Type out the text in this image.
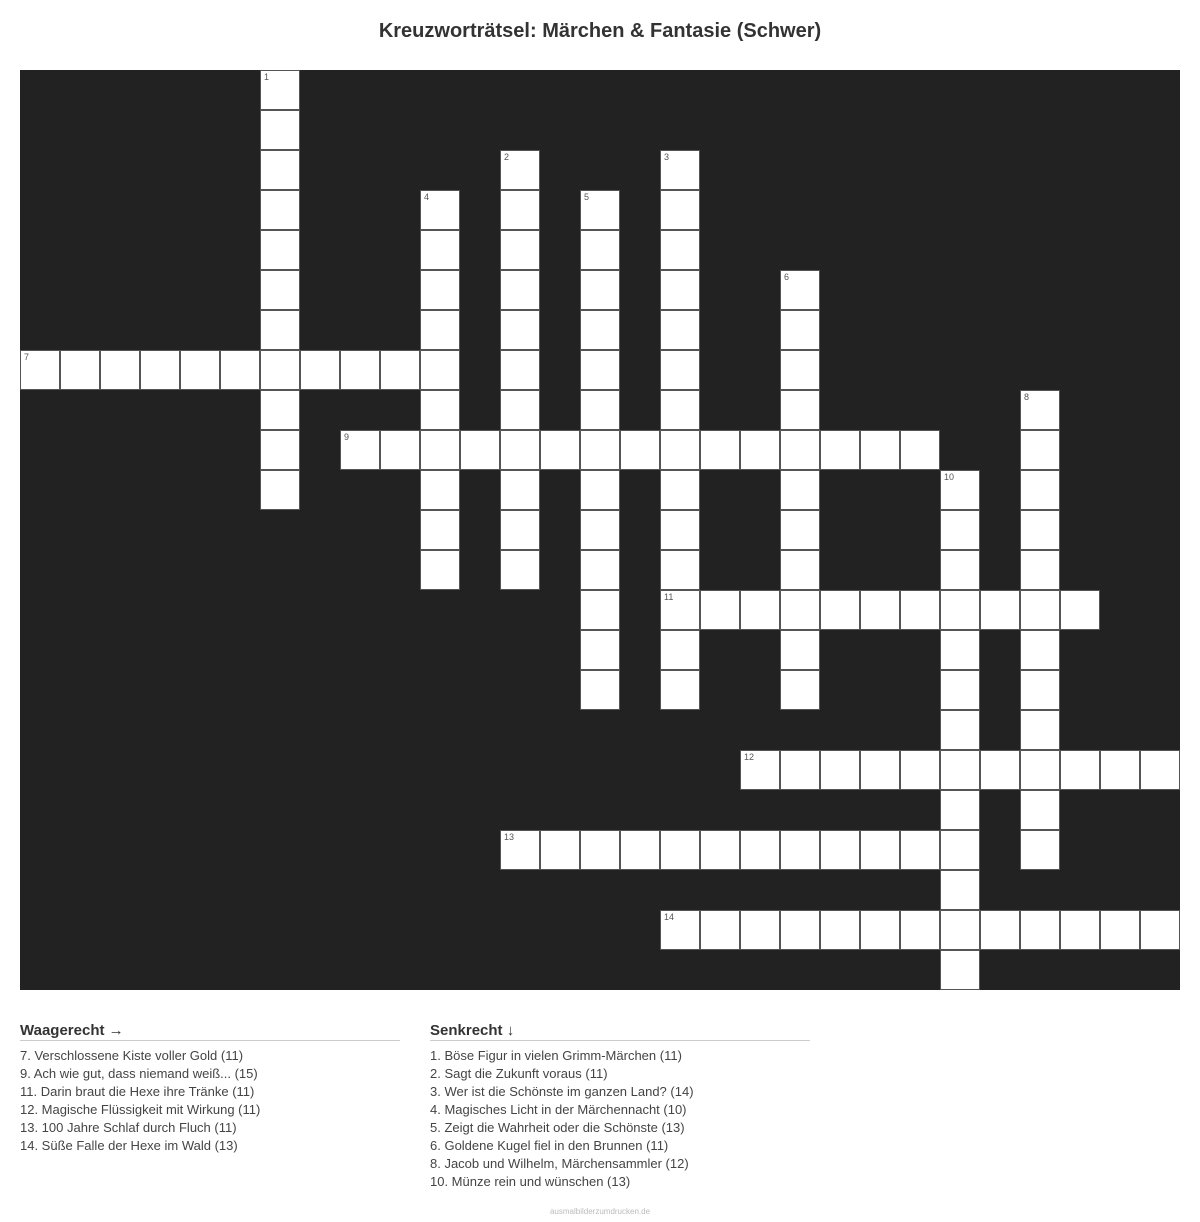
Kreuzworträtsel: Märchen & Fantasie (Schwer)
1
2	3
11
4	5
6
7
8
9
10
12
13
14
Waagerecht →
7. Verschlossene Kiste voller Gold (11)
9. Ach wie gut, dass niemand weiß... (15)
11. Darin braut die Hexe ihre Tränke (11)
12. Magische Flüssigkeit mit Wirkung (11)
13. 100 Jahre Schlaf durch Fluch (11)
14. Süße Falle der Hexe im Wald (13)
Senkrecht ↓
1. Böse Figur in vielen Grimm-Märchen (11)
2. Sagt die Zukunft voraus (11)
3. Wer ist die Schönste im ganzen Land? (14)
4. Magisches Licht in der Märchennacht (10)
5. Zeigt die Wahrheit oder die Schönste (13)
6. Goldene Kugel fiel in den Brunnen (11)
8. Jacob und Wilhelm, Märchensammler (12)
10. Münze rein und wünschen (13)
ausmalbilderzumdrucken.de
